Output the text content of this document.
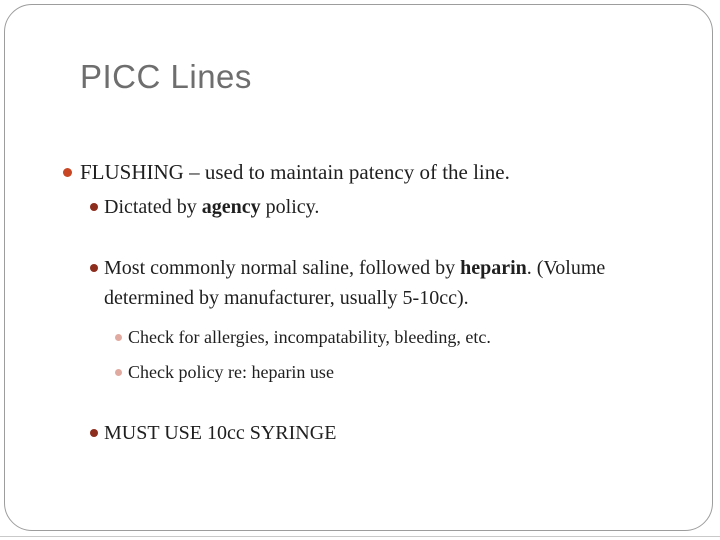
PICC Lines
FLUSHING – used to maintain patency of the line.
Dictated by agency policy.
Most commonly normal saline, followed by heparin. (Volume
determined by manufacturer, usually 5-10cc).
Check for allergies, incompatability, bleeding, etc.
Check policy re: heparin use
MUST USE 10cc SYRINGE
